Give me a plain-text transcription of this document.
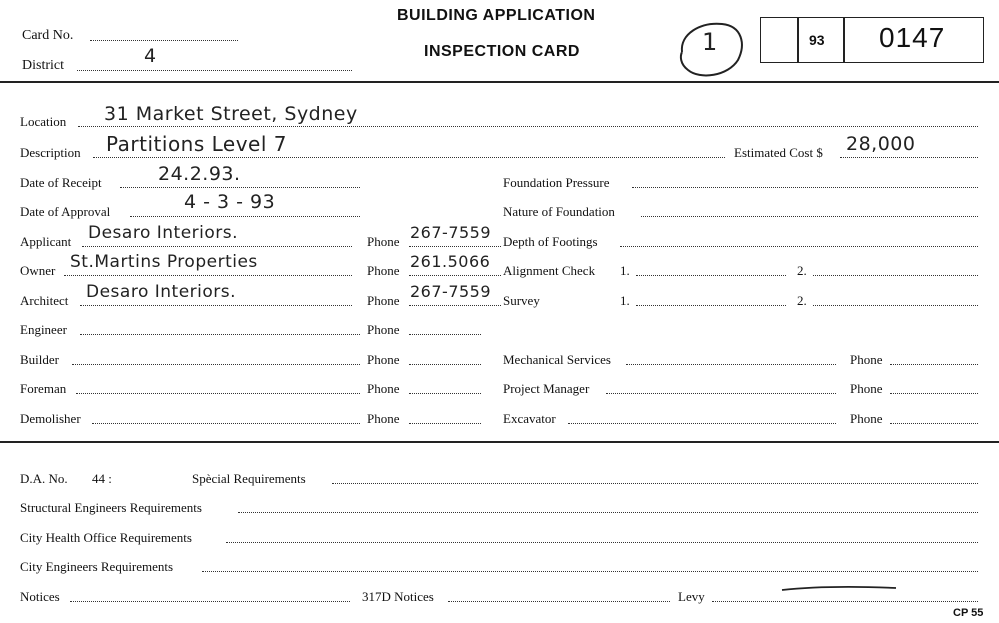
Card No.
District	4
BUILDING APPLICATION
INSPECTION CARD	1	93 0147
Location 31 Market Street, Sydney
Description Partitions Level 7	Estimated Cost $ 28,000
Date of Receipt	24.2.93.	Foundation Pressure
Date of Approval	4 - 3 - 93	Nature of Foundation
Applicant Desaro Interiors.	Phone 267-7559 Depth of Footings
Owner St.Martins Properties	Phone 261.5066 Alignment Check 1.	2.
Architect Desaro Interiors.	Phone 267-7559 Survey	1.	2.
Engineer	Phone
Builder	Phone	Mechanical Services	Phone
Foreman	Phone	Project Manager	Phone
Demolisher	Phone	Excavator	Phone
D.A. No. 44 :	Spècial Requirements
Structural Engineers Requirements
City Health Office Requirements
City Engineers Requirements
Notices	317D Notices	Levy
CP 55
